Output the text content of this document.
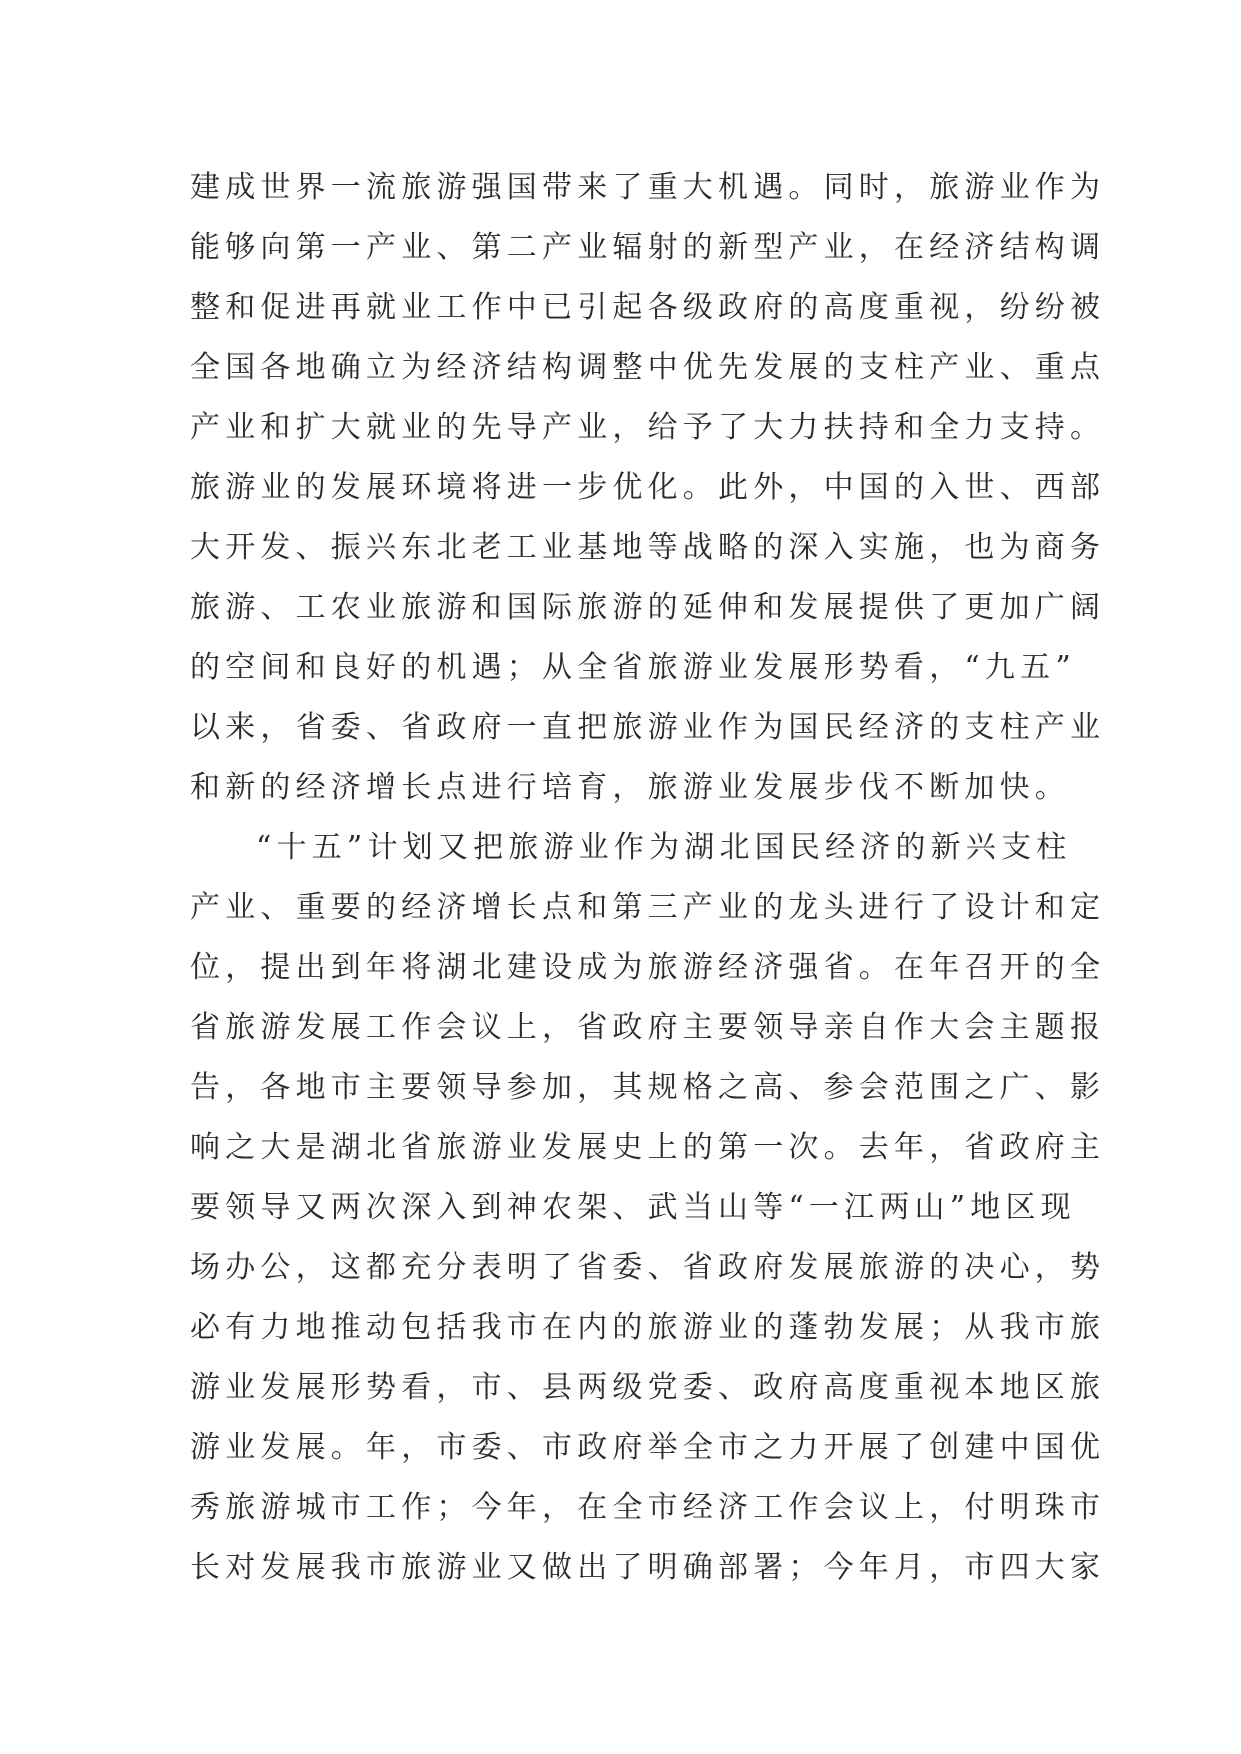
建成世界一流旅游强国带来了重大机遇。同时，旅游业作为
能够向第一产业、第二产业辐射的新型产业，在经济结构调
整和促进再就业工作中已引起各级政府的高度重视，纷纷被
全国各地确立为经济结构调整中优先发展的支柱产业、重点
产业和扩大就业的先导产业，给予了大力扶持和全力支持。
旅游业的发展环境将进一步优化。此外，中国的入世、西部
大开发、振兴东北老工业基地等战略的深入实施，也为商务
旅游、工农业旅游和国际旅游的延伸和发展提供了更加广阔
的空间和良好的机遇；从全省旅游业发展形势看，“九五”
以来，省委、省政府一直把旅游业作为国民经济的支柱产业
和新的经济增长点进行培育，旅游业发展步伐不断加快。
“十五”计划又把旅游业作为湖北国民经济的新兴支柱
产业、重要的经济增长点和第三产业的龙头进行了设计和定
位，提出到年将湖北建设成为旅游经济强省。在年召开的全
省旅游发展工作会议上，省政府主要领导亲自作大会主题报
告，各地市主要领导参加，其规格之高、参会范围之广、影
响之大是湖北省旅游业发展史上的第一次。去年，省政府主
要领导又两次深入到神农架、武当山等“一江两山”地区现
场办公，这都充分表明了省委、省政府发展旅游的决心，势
必有力地推动包括我市在内的旅游业的蓬勃发展；从我市旅
游业发展形势看，市、县两级党委、政府高度重视本地区旅
游业发展。年，市委、市政府举全市之力开展了创建中国优
秀旅游城市工作；今年，在全市经济工作会议上，付明珠市
长对发展我市旅游业又做出了明确部署；今年月，市四大家
